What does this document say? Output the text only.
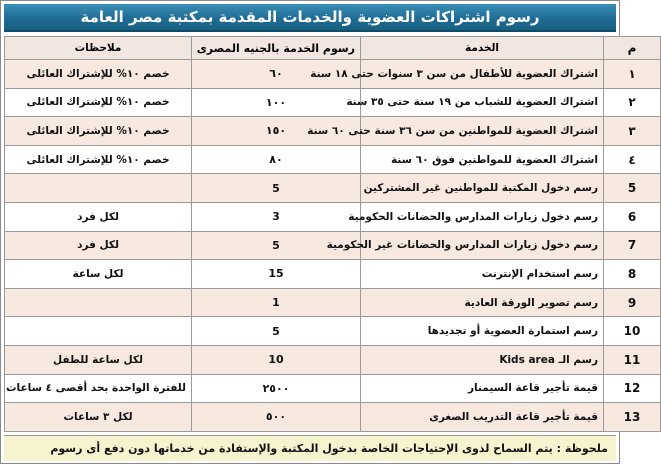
رسوم اشتراكات العضوية والخدمات المقدمة بمكتبة مصر العامة
م	الخدمة	رسوم الخدمة بالجنيه المصرى	ملاحظات
١	اشتراك العضوية للأطفال من سن ٣ سنوات حتى ١٨ سنة	٦٠	خصم ١٠% للإشتراك العائلى
٢	اشتراك العضوية للشباب من ١٩ سنة حتى ٣٥ سنة	١٠٠	خصم ١٠% للإشتراك العائلى
٣	اشتراك العضوية للمواطنين من سن ٣٦ سنة حتى ٦٠ سنة	١٥٠	خصم ١٠% للإشتراك العائلى
٤	اشتراك العضوية للمواطنين فوق ٦٠ سنة	٨٠	خصم ١٠% للإشتراك العائلى
5	رسم دخول المكتبة للمواطنين غير المشتركين	5	
6	رسم دخول زيارات المدارس والحضانات الحكومية	3	لكل فرد
7	رسم دخول زيارات المدارس والحضانات غير الحكومية	5	لكل فرد
8	رسم استخدام الإنترنت	15	لكل ساعة
9	رسم تصوير الورقة العادية	1	
10	رسم استمارة العضوية أو تجديدها	5	
11	رسم الـ Kids area	10	لكل ساعة للطفل
12	قيمة تأجير قاعة السيمنار	٢٥٠٠	للفترة الواحدة بحد أقصى ٤ ساعات
13	قيمة تأجير قاعة التدريب الصغرى	٥٠٠	لكل ٣ ساعات
ملحوظة : يتم السماح لذوى الإحتياجات الخاصة بدخول المكتبة والإستفادة من خدماتها دون دفع أى رسوم
